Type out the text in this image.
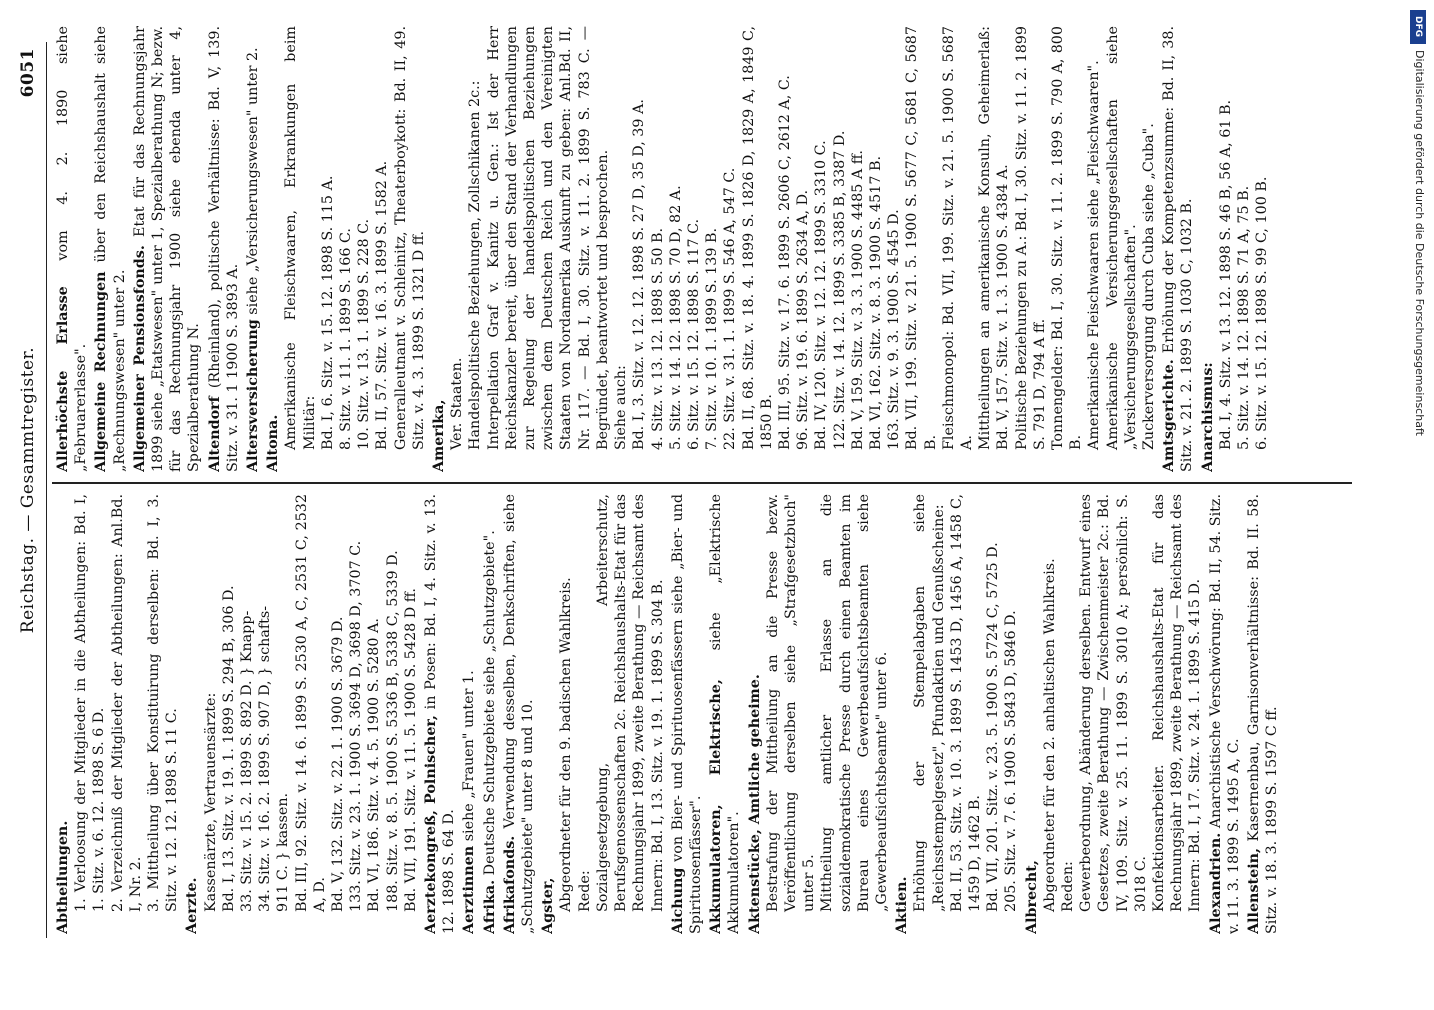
Reichstag. — Gesammtregister.
6051
Abtheilungen. 1. Verloosung der Mitglieder in die Abtheilungen: Bd. I, 1. Sitz. v. 6. 12. 1898 S. 6 D. 2. Verzeichniß der Mitglieder der Abtheilungen: Anl.Bd. I, Nr. 2. 3. Mittheilung über Konstituirung derselben: Bd. I, 3. Sitz. v. 12. 12. 1898 S. 11 C. Aerzte. Kassenärzte, Vertrauensärzte: Bd. I, 13. Sitz. v. 19. 1. 1899 S. 294 B, 306 D. 33. Sitz. v. 15. 2. 1899 S. 892 D. } Knapp- 34. Sitz. v. 16. 2. 1899 S. 907 D, } schafts- 911 C. } kassen. Bd. III, 92. Sitz. v. 14. 6. 1899 S. 2530 A, C, 2531 C, 2532 A, D. Bd. V, 132. Sitz. v. 22. 1. 1900 S. 3679 D. 133. Sitz. v. 23. 1. 1900 S. 3694 D, 3698 D, 3707 C. Bd. VI, 186. Sitz. v. 4. 5. 1900 S. 5280 A. 188. Sitz. v. 8. 5. 1900 S. 5336 B, 5338 C, 5339 D. Bd. VII, 191. Sitz. v. 11. 5. 1900 S. 5428 D ff. Aerztekongreß, Polnischer, in Posen: Bd. I, 4. Sitz. v. 13. 12. 1898 S. 64 D. Aerztinnen siehe „Frauen" unter 1.
Afrika. Deutsche Schutzgebiete siehe „Schutzgebiete".
Afrikafonds. Verwendung desselben, Denkschriften, siehe „Schutzgebiete" unter 8 und 10. Agster, Abgeordneter für den 9. badischen Wahlkreis. Rede: Sozialgesetzgebung, Arbeiterschutz, Berufsgenossenschaften 2c. Reichshaushalts-Etat für das Rechnungsjahr 1899, zweite Berathung — Reichsamt des Innern: Bd. I, 13. Sitz. v. 19. 1. 1899 S. 304 B. Aichung von Bier- und Spirituosenfässern siehe „Bier- und Spirituosenfässer". Akkumulatoren, Elektrische, siehe „Elektrische Akkumulatoren". Aktenstücke, Amtliche geheime. Bestrafung der Mittheilung an die Presse bezw. Veröffentlichung derselben siehe „Strafgesetzbuch" unter 5. Mittheilung amtlicher Erlasse an die sozialdemokratische Presse durch einen Beamten im Bureau eines Gewerbeaufsichtsbeamten siehe „Gewerbeaufsichtsbeamte" unter 6. Aktien. Erhöhung der Stempelabgaben siehe „Reichsstempelgesetz", Pfundaktien und Genußscheine: Bd. II, 53. Sitz. v. 10. 3. 1899 S. 1453 D, 1456 A, 1458 C, 1459 D, 1462 B. Bd. VII, 201. Sitz. v. 23. 5. 1900 S. 5724 C, 5725 D. 205. Sitz. v. 7. 6. 1900 S. 5843 D, 5846 D. Albrecht, Abgeordneter für den 2. anhaltischen Wahlkreis. Reden: Gewerbeordnung, Abänderung derselben. Entwurf eines Gesetzes, zweite Berathung — Zwischenmeister 2c.: Bd. IV, 109. Sitz. v. 25. 11. 1899 S. 3010 A; persönlich: S. 3018 C. Konfektionsarbeiter. Reichshaushalts-Etat für das Rechnungsjahr 1899, zweite Berathung — Reichsamt des Innern: Bd. I, 17. Sitz. v. 24. 1. 1899 S. 415 D. Alexandrien. Anarchistische Verschwörung: Bd. II, 54. Sitz. v. 11. 3. 1899 S. 1495 A, C. Allenstein, Kasernenbau, Garnisonverhältnisse: Bd. II. 58. Sitz. v. 18. 3. 1899 S. 1597 C ff.
Allerhöchste Erlasse vom 4. 2. 1890 siehe „Februarerlasse". Allgemeine Rechnungen über den Reichshaushalt siehe „Rechnungswesen" unter 2. Allgemeiner Pensionsfonds. Etat für das Rechnungsjahr 1899 siehe „Etatswesen" unter 1, Spezialberathung N; bezw. für das Rechnungsjahr 1900 siehe ebenda unter 4, Spezialberathung N. Altendorf (Rheinland), politische Verhältnisse: Bd. V, 139. Sitz. v. 31. 1 1900 S. 3893 A. Altersversicherung siehe „Versicherungswesen" unter 2.
Altona. Amerikanische Fleischwaaren, Erkrankungen beim Militär: Bd. I, 6. Sitz. v. 15. 12. 1898 S. 115 A. 8. Sitz. v. 11. 1. 1899 S. 166 C. 10. Sitz. v. 13. 1. 1899 S. 228 C. Bd. II, 57. Sitz. v. 16. 3. 1899 S. 1582 A. Generalleutnant v. Schleinitz, Theaterboykott: Bd. II, 49. Sitz. v. 4. 3. 1899 S. 1321 D ff. Amerika, Ver. Staaten. Handelspolitische Beziehungen, Zollschikanen 2c.: Interpellation Graf v. Kanitz u. Gen.: Ist der Herr Reichskanzler bereit, über den Stand der Verhandlungen zur Regelung der handelspolitischen Beziehungen zwischen dem Deutschen Reich und den Vereinigten Staaten von Nordamerika Auskunft zu geben: Anl.Bd. II, Nr. 117. — Bd. I, 30. Sitz. v. 11. 2. 1899 S. 783 C. — Begründet, beantwortet und besprochen. Siehe auch: Bd. I, 3. Sitz. v. 12. 12. 1898 S. 27 D, 35 D, 39 A. 4. Sitz. v. 13. 12. 1898 S. 50 B. 5. Sitz. v. 14. 12. 1898 S. 70 D, 82 A. 6. Sitz. v. 15. 12. 1898 S. 117 C. 7. Sitz. v. 10. 1. 1899 S. 139 B. 22. Sitz. v. 31. 1. 1899 S. 546 A, 547 C. Bd. II, 68. Sitz. v. 18. 4. 1899 S. 1826 D, 1829 A, 1849 C, 1850 B. Bd. III, 95. Sitz. v. 17. 6. 1899 S. 2606 C, 2612 A, C. 96. Sitz. v. 19. 6. 1899 S. 2634 A, D. Bd. IV, 120. Sitz. v. 12. 12. 1899 S. 3310 C. 122. Sitz. v. 14. 12. 1899 S. 3385 B, 3387 D. Bd. V, 159. Sitz. v. 3. 3. 1900 S. 4485 A ff. Bd. VI, 162. Sitz. v. 8. 3. 1900 S. 4517 B. 163. Sitz. v. 9. 3. 1900 S. 4545 D. Bd. VII, 199. Sitz. v. 21. 5. 1900 S. 5677 C, 5681 C, 5687 B. Fleischmonopol: Bd. VII, 199. Sitz. v. 21. 5. 1900 S. 5687 A. Mittheilungen an amerikanische Konsuln, Geheimerlaß: Bd. V, 157. Sitz. v. 1. 3. 1900 S. 4384 A. Politische Beziehungen zu A.: Bd. I, 30. Sitz. v. 11. 2. 1899 S. 791 D, 794 A ff. Tonnengelder: Bd. I, 30. Sitz. v. 11. 2. 1899 S. 790 A, 800 B. Amerikanische Fleischwaaren siehe „Fleischwaaren". Amerikanische Versicherungsgesellschaften siehe „Versicherungsgesellschaften". Zuckerversorgung durch Cuba siehe „Cuba". Amtsgerichte. Erhöhung der Kompetenzsumme: Bd. II, 38. Sitz. v. 21. 2. 1899 S. 1030 C, 1032 B. Anarchismus: Bd. I, 4. Sitz. v. 13. 12. 1898 S. 46 B, 56 A, 61 B. 5. Sitz. v. 14. 12. 1898 S. 71 A, 75 B. 6. Sitz. v. 15. 12. 1898 S. 99 C, 100 B.
DFG
Digitalisierung gefördert durch die Deutsche Forschungsgemeinschaft
